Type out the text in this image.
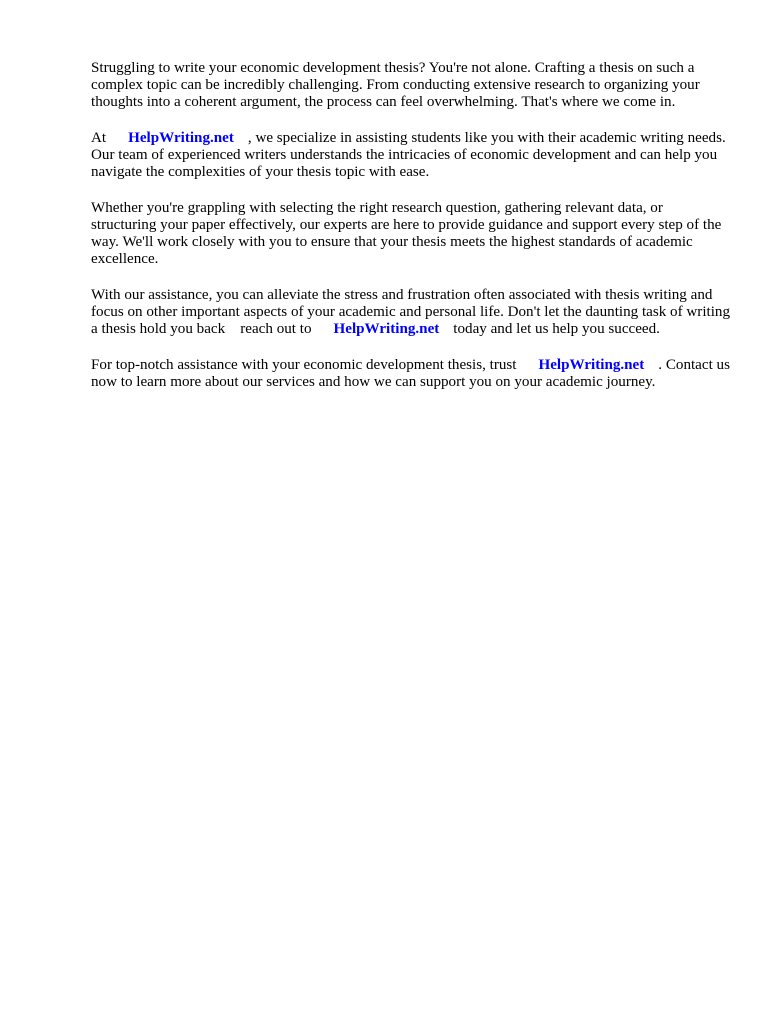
Struggling to write your economic development thesis? You're not alone. Crafting a thesis on such a complex topic can be incredibly challenging. From conducting extensive research to organizing your thoughts into a coherent argument, the process can feel overwhelming. That's where we come in.

At HelpWriting.net , we specialize in assisting students like you with their academic writing needs. Our team of experienced writers understands the intricacies of economic development and can help you navigate the complexities of your thesis topic with ease.

Whether you're grappling with selecting the right research question, gathering relevant data, or structuring your paper effectively, our experts are here to provide guidance and support every step of the way. We'll work closely with you to ensure that your thesis meets the highest standards of academic excellence.

With our assistance, you can alleviate the stress and frustration often associated with thesis writing and focus on other important aspects of your academic and personal life. Don't let the daunting task of writing a thesis hold you back reach out to HelpWriting.net today and let us help you succeed.

For top-notch assistance with your economic development thesis, trust HelpWriting.net . Contact us now to learn more about our services and how we can support you on your academic journey.
